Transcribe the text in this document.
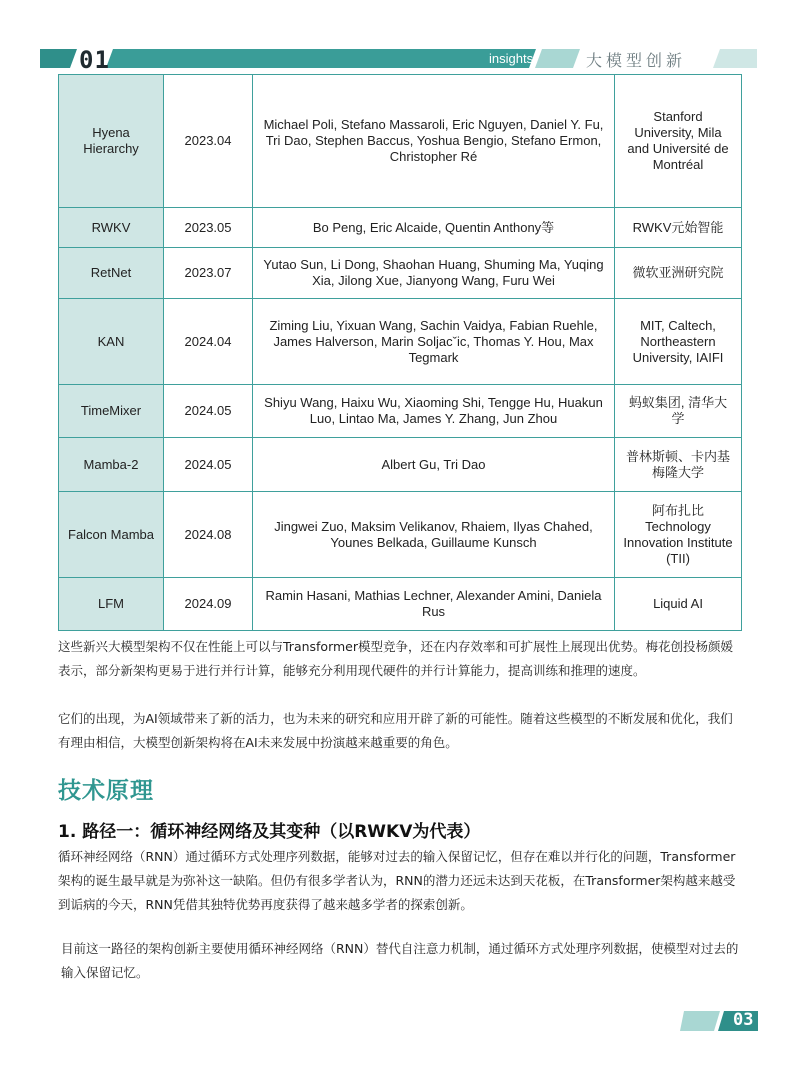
01	insights	大模型创新
Hyena Hierarchy	2023.04	Michael Poli, Stefano Massaroli, Eric Nguyen, Daniel Y. Fu, Tri Dao, Stephen Baccus, Yoshua Bengio, Stefano Ermon, Christopher Ré	Stanford University, Mila and Université de Montréal
RWKV	2023.05	Bo Peng, Eric Alcaide, Quentin Anthony等	RWKV元始智能
RetNet	2023.07	Yutao Sun, Li Dong, Shaohan Huang, Shuming Ma, Yuqing Xia, Jilong Xue, Jianyong Wang, Furu Wei	微软亚洲研究院
KAN	2024.04	Ziming Liu, Yixuan Wang, Sachin Vaidya, Fabian Ruehle, James Halverson, Marin Soljacˇic, Thomas Y. Hou, Max Tegmark	MIT, Caltech, Northeastern University, IAIFI
TimeMixer	2024.05	Shiyu Wang, Haixu Wu, Xiaoming Shi, Tengge Hu, Huakun Luo, Lintao Ma, James Y. Zhang, Jun Zhou	蚂蚁集团, 清华大学
Mamba-2	2024.05	Albert Gu, Tri Dao	普林斯顿、卡内基梅隆大学
Falcon Mamba	2024.08	Jingwei Zuo, Maksim Velikanov, Rhaiem, Ilyas Chahed, Younes Belkada, Guillaume Kunsch	阿布扎比 Technology Innovation Institute (TII)
LFM	2024.09	Ramin Hasani, Mathias Lechner, Alexander Amini, Daniela Rus	Liquid AI

这些新兴大模型架构不仅在性能上可以与Transformer模型竞争，还在内存效率和可扩展性上展现出优势。梅花创投杨颜媛表示，部分新架构更易于进行并行计算，能够充分利用现代硬件的并行计算能力，提高训练和推理的速度。

它们的出现，为AI领域带来了新的活力，也为未来的研究和应用开辟了新的可能性。随着这些模型的不断发展和优化，我们有理由相信，大模型创新架构将在AI未来发展中扮演越来越重要的角色。

技术原理
1. 路径一：循环神经网络及其变种（以RWKV为代表）

循环神经网络（RNN）通过循环方式处理序列数据，能够对过去的输入保留记忆，但存在难以并行化的问题，Transformer架构的诞生最早就是为弥补这一缺陷。但仍有很多学者认为，RNN的潜力还远未达到天花板，在Transformer架构越来越受到诟病的今天，RNN凭借其独特优势再度获得了越来越多学者的探索创新。

目前这一路径的架构创新主要使用循环神经网络（RNN）替代自注意力机制，通过循环方式处理序列数据，使模型对过去的输入保留记忆。

03
